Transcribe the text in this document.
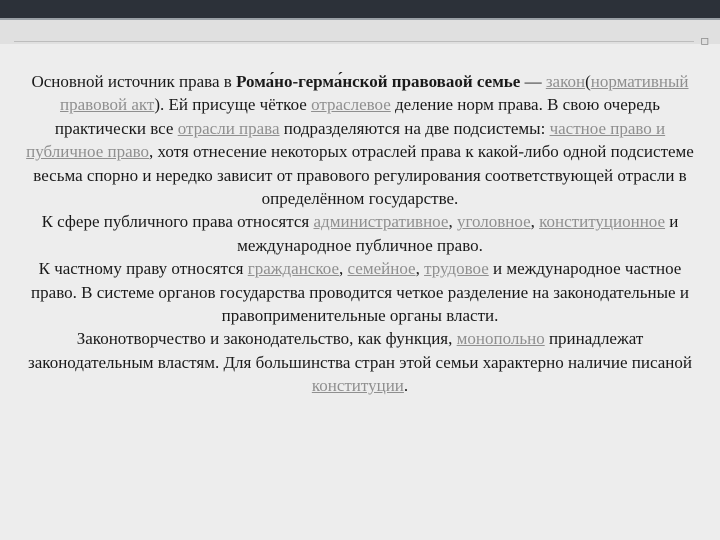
▫

Основной источник права в Рома́но-герма́нской правоваой семье — закон(нормативный правовой акт). Ей присуще чёткое отраслевое деление норм права. В свою очередь практически все отрасли права подразделяются на две подсистемы: частное право и публичное право, хотя отнесение некоторых отраслей права к какой-либо одной подсистеме весьма спорно и нередко зависит от правового регулирования соответствующей отрасли в определённом государстве.

К сфере публичного права относятся административное, уголовное, конституционное и международное публичное право.

К частному праву относятся гражданское, семейное, трудовое и международное частное право. В системе органов государства проводится четкое разделение на законодательные и правоприменительные органы власти.

Законотворчество и законодательство, как функция, монопольно принадлежат законодательным властям. Для большинства стран этой семьи характерно наличие писаной конституции.
